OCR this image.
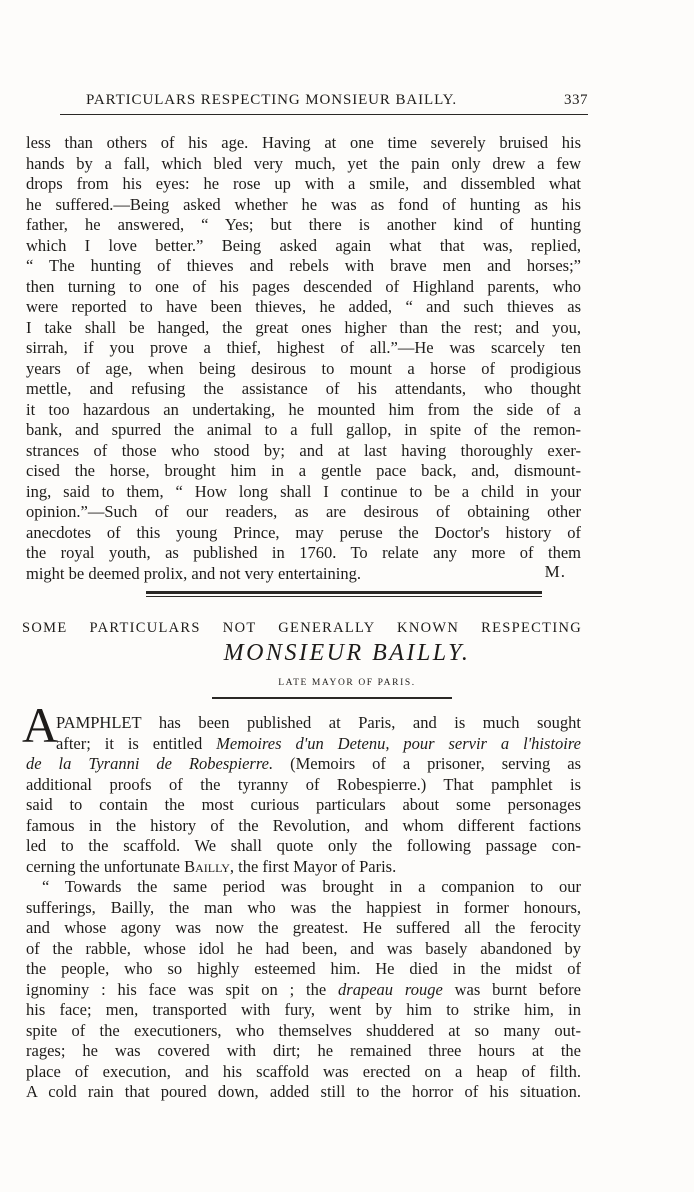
PARTICULARS RESPECTING MONSIEUR BAILLY.	337
less than others of his age. Having at one time severely bruised his
hands by a fall, which bled very much, yet the pain only drew a few
drops from his eyes: he rose up with a smile, and dissembled what
he suffered.—Being asked whether he was as fond of hunting as his
father, he answered, “ Yes; but there is another kind of hunting
which I love better.” Being asked again what that was, replied,
“ The hunting of thieves and rebels with brave men and horses;”
then turning to one of his pages descended of Highland parents, who
were reported to have been thieves, he added, “ and such thieves as
I take shall be hanged, the great ones higher than the rest; and you,
sirrah, if you prove a thief, highest of all.”—He was scarcely ten
years of age, when being desirous to mount a horse of prodigious
mettle, and refusing the assistance of his attendants, who thought
it too hazardous an undertaking, he mounted him from the side of a
bank, and spurred the animal to a full gallop, in spite of the remon-
strances of those who stood by; and at last having thoroughly exer-
cised the horse, brought him in a gentle pace back, and, dismount-
ing, said to them, “ How long shall I continue to be a child in your
opinion.”—Such of our readers, as are desirous of obtaining other
anecdotes of this young Prince, may peruse the Doctor's history of
the royal youth, as published in 1760. To relate any more of them
might be deemed prolix, and not very entertaining.	M.
SOME PARTICULARS NOT GENERALLY KNOWN RESPECTING
MONSIEUR BAILLY.
LATE MAYOR OF PARIS.
A
PAMPHLET has been published at Paris, and is much sought
after; it is entitled Memoires d'un Detenu, pour servir a l'histoire
de la Tyranni de Robespierre. (Memoirs of a prisoner, serving as
additional proofs of the tyranny of Robespierre.) That pamphlet is
said to contain the most curious particulars about some personages
famous in the history of the Revolution, and whom different factions
led to the scaffold. We shall quote only the following passage con-
cerning the unfortunate Bailly, the first Mayor of Paris.
“ Towards the same period was brought in a companion to our
sufferings, Bailly, the man who was the happiest in former honours,
and whose agony was now the greatest. He suffered all the ferocity
of the rabble, whose idol he had been, and was basely abandoned by
the people, who so highly esteemed him. He died in the midst of
ignominy : his face was spit on ; the drapeau rouge was burnt before
his face; men, transported with fury, went by him to strike him, in
spite of the executioners, who themselves shuddered at so many out-
rages; he was covered with dirt; he remained three hours at the
place of execution, and his scaffold was erected on a heap of filth.
A cold rain that poured down, added still to the horror of his situation.
